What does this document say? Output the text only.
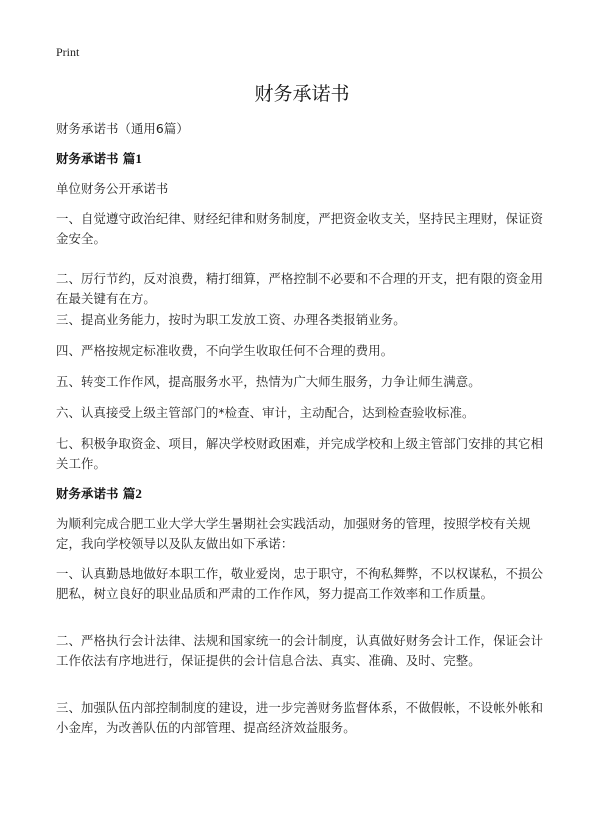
Print
财务承诺书

财务承诺书（通用6篇）

财务承诺书 篇1

单位财务公开承诺书

一、自觉遵守政治纪律、财经纪律和财务制度，严把资金收支关，坚持民主理财，保证资金安全。

二、厉行节约，反对浪费，精打细算，严格控制不必要和不合理的开支，把有限的资金用在最关键有在方。

三、提高业务能力，按时为职工发放工资、办理各类报销业务。

四、严格按规定标准收费，不向学生收取任何不合理的费用。

五、转变工作作风，提高服务水平，热情为广大师生服务，力争让师生满意。

六、认真接受上级主管部门的*检查、审计，主动配合，达到检查验收标准。

七、积极争取资金、项目，解决学校财政困难，并完成学校和上级主管部门安排的其它相关工作。

财务承诺书 篇2

为顺利完成合肥工业大学大学生暑期社会实践活动，加强财务的管理，按照学校有关规定，我向学校领导以及队友做出如下承诺：

一、认真勤恳地做好本职工作，敬业爱岗，忠于职守，不徇私舞弊，不以权谋私，不损公肥私，树立良好的职业品质和严肃的工作作风，努力提高工作效率和工作质量。

二、严格执行会计法律、法规和国家统一的会计制度，认真做好财务会计工作，保证会计工作依法有序地进行，保证提供的会计信息合法、真实、准确、及时、完整。

三、加强队伍内部控制制度的建设，进一步完善财务监督体系，不做假帐，不设帐外帐和小金库，为改善队伍的内部管理、提高经济效益服务。
